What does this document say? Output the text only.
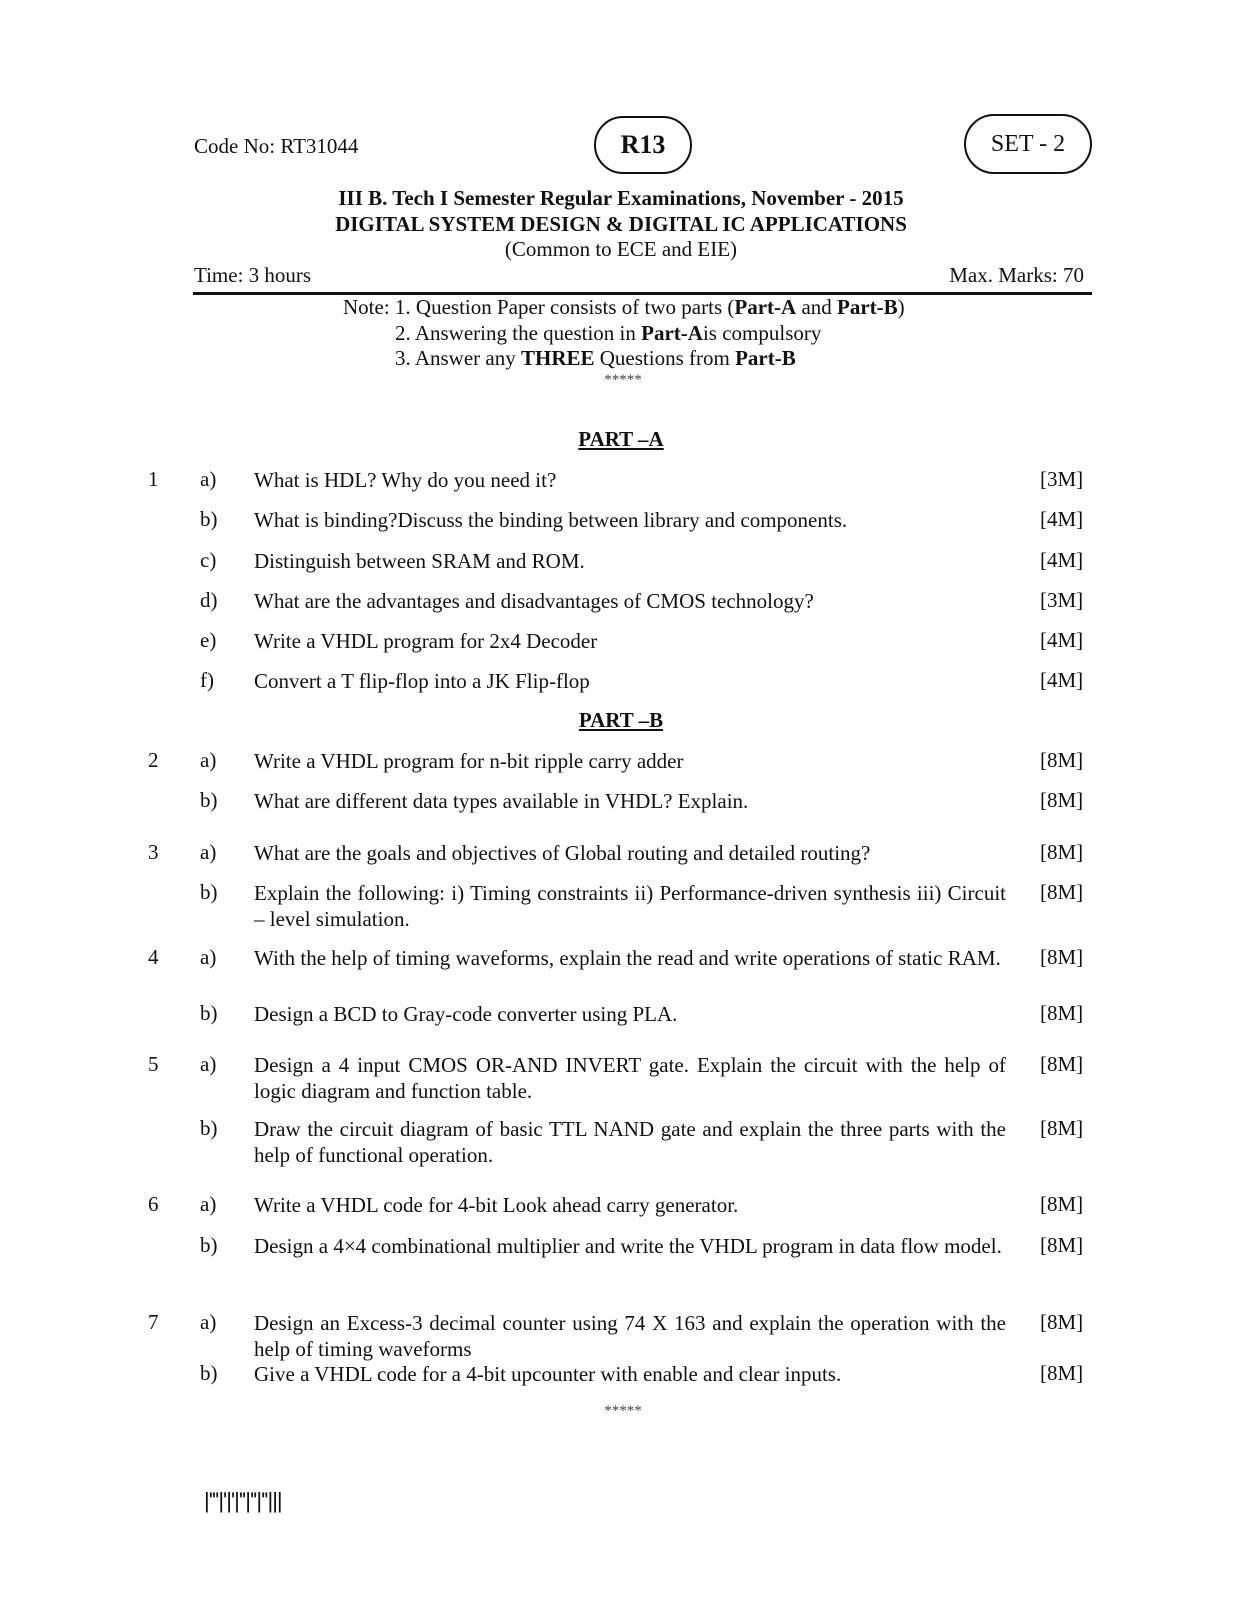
Code No: RT31044	R13	SET - 2
III B. Tech I Semester Regular Examinations, November - 2015
DIGITAL SYSTEM DESIGN & DIGITAL IC APPLICATIONS
(Common to ECE and EIE)
Time: 3 hours	Max. Marks: 70
Note: 1. Question Paper consists of two parts (Part-A and Part-B)
2. Answering the question in Part-Ais compulsory
3. Answer any THREE Questions from Part-B
*****
PART –A
PART –B
1 a) What is HDL? Why do you need it?	[3M]
b) What is binding?Discuss the binding between library and components.	[4M]
c) Distinguish between SRAM and ROM.	[4M]
d) What are the advantages and disadvantages of CMOS technology?	[3M]
e) Write a VHDL program for 2x4 Decoder	[4M]
f) Convert a T flip-flop into a JK Flip-flop	[4M]
2 a) Write a VHDL program for n-bit ripple carry adder	[8M]
b) What are different data types available in VHDL? Explain.	[8M]
3 a) What are the goals and objectives of Global routing and detailed routing?	[8M]
b) Explain the following: i) Timing constraints ii) Performance-driven synthesis iii) Circuit – level simulation.
[8M]
4 a) With the help of timing waveforms, explain the read and write operations of static RAM. [8M]
b) Design a BCD to Gray-code converter using PLA.	[8M]
5 a) Design a 4 input CMOS OR-AND INVERT gate. Explain the circuit with the help of logic diagram and function table.
[8M]
b) Draw the circuit diagram of basic TTL NAND gate and explain the three parts with the help of functional operation.
[8M]
6 a) Write a VHDL code for 4-bit Look ahead carry generator.	[8M]
b) Design a 4×4 combinational multiplier and write the VHDL program in data flow model. [8M]
7 a) Design an Excess-3 decimal counter using 74 X 163 and explain the operation with the help of timing waveforms
[8M]
b) Give a VHDL code for a 4-bit upcounter with enable and clear inputs.	[8M]
*****
|'''|'|'|''|''|''|||
